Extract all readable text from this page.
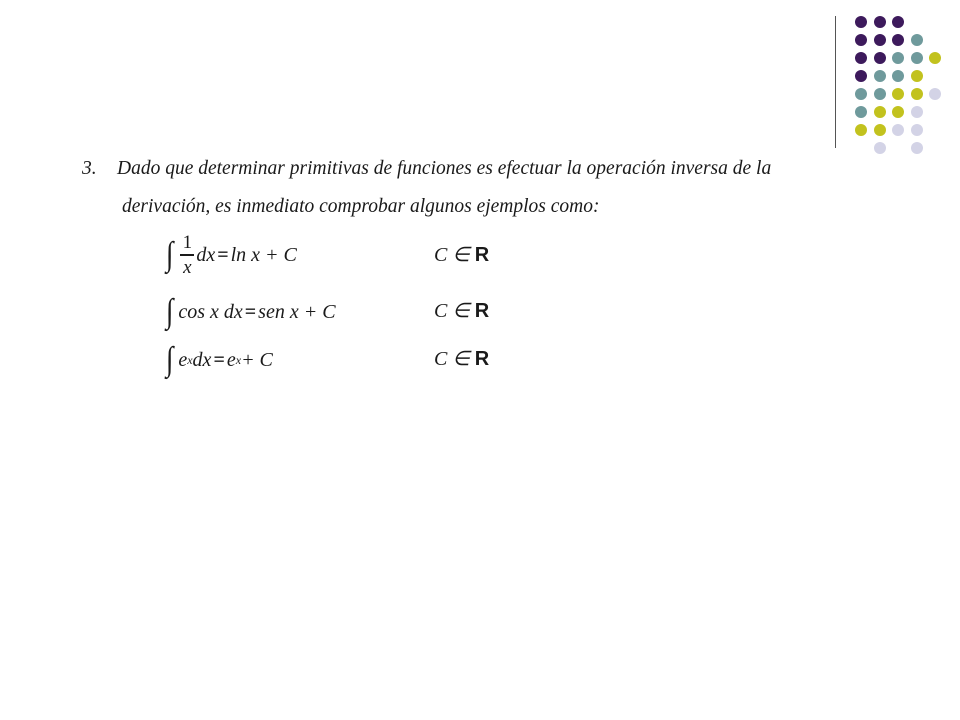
3. Dado que determinar primitivas de funciones es efectuar la operación inversa de la
derivación, es inmediato comprobar algunos ejemplos como:
∫ $\frac{1}{x}$ dx = ln x + C	C ∈ R
∫ cos x dx = sen x + C	C ∈ R
∫ e x dx = e x + C	C ∈ R
